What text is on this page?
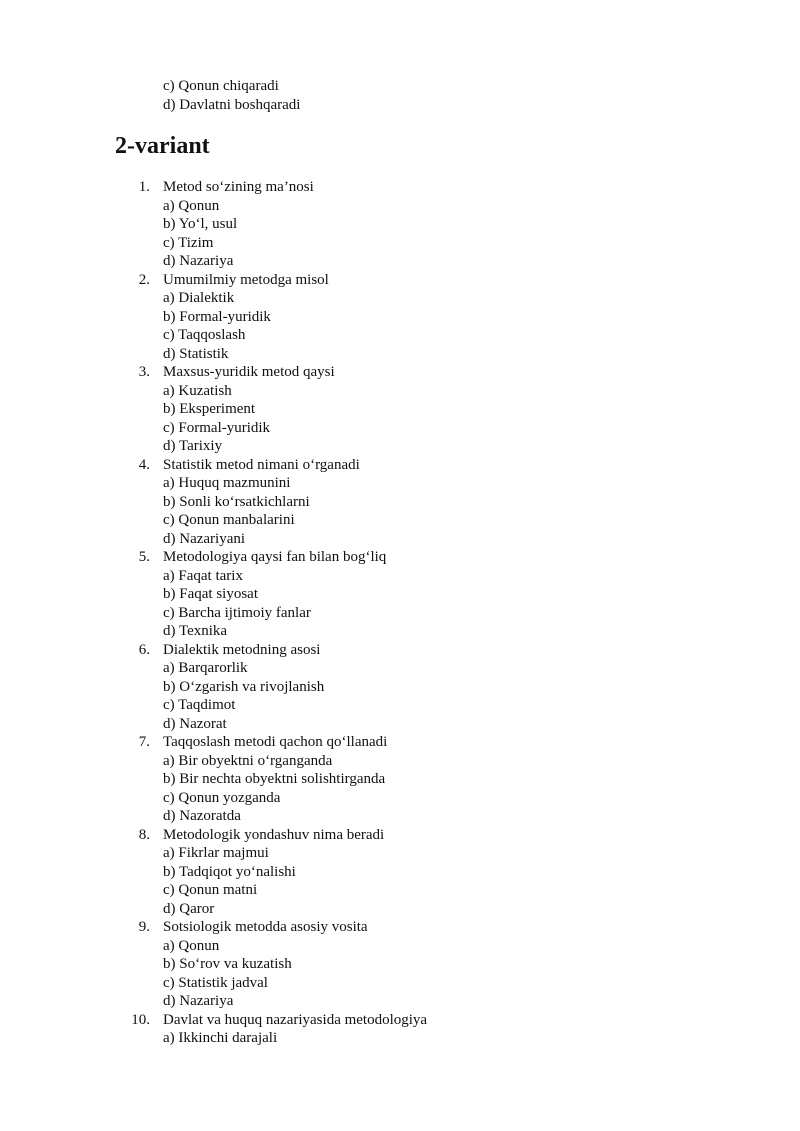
c) Qonun chiqaradi
d) Davlatni boshqaradi
2-variant
1. Metod so‘zining ma’nosi
a) Qonun
b) Yo‘l, usul
c) Tizim
d) Nazariya
2. Umumilmiy metodga misol
a) Dialektik
b) Formal-yuridik
c) Taqqoslash
d) Statistik
3. Maxsus-yuridik metod qaysi
a) Kuzatish
b) Eksperiment
c) Formal-yuridik
d) Tarixiy
4. Statistik metod nimani o‘rganadi
a) Huquq mazmunini
b) Sonli ko‘rsatkichlarni
c) Qonun manbalarini
d) Nazariyani
5. Metodologiya qaysi fan bilan bog‘liq
a) Faqat tarix
b) Faqat siyosat
c) Barcha ijtimoiy fanlar
d) Texnika
6. Dialektik metodning asosi
a) Barqarorlik
b) O‘zgarish va rivojlanish
c) Taqdimot
d) Nazorat
7. Taqqoslash metodi qachon qo‘llanadi
a) Bir obyektni o‘rganganda
b) Bir nechta obyektni solishtirganda
c) Qonun yozganda
d) Nazoratda
8. Metodologik yondashuv nima beradi
a) Fikrlar majmui
b) Tadqiqot yo‘nalishi
c) Qonun matni
d) Qaror
9. Sotsiologik metodda asosiy vosita
a) Qonun
b) So‘rov va kuzatish
c) Statistik jadval
d) Nazariya
10. Davlat va huquq nazariyasida metodologiya
a) Ikkinchi darajali
